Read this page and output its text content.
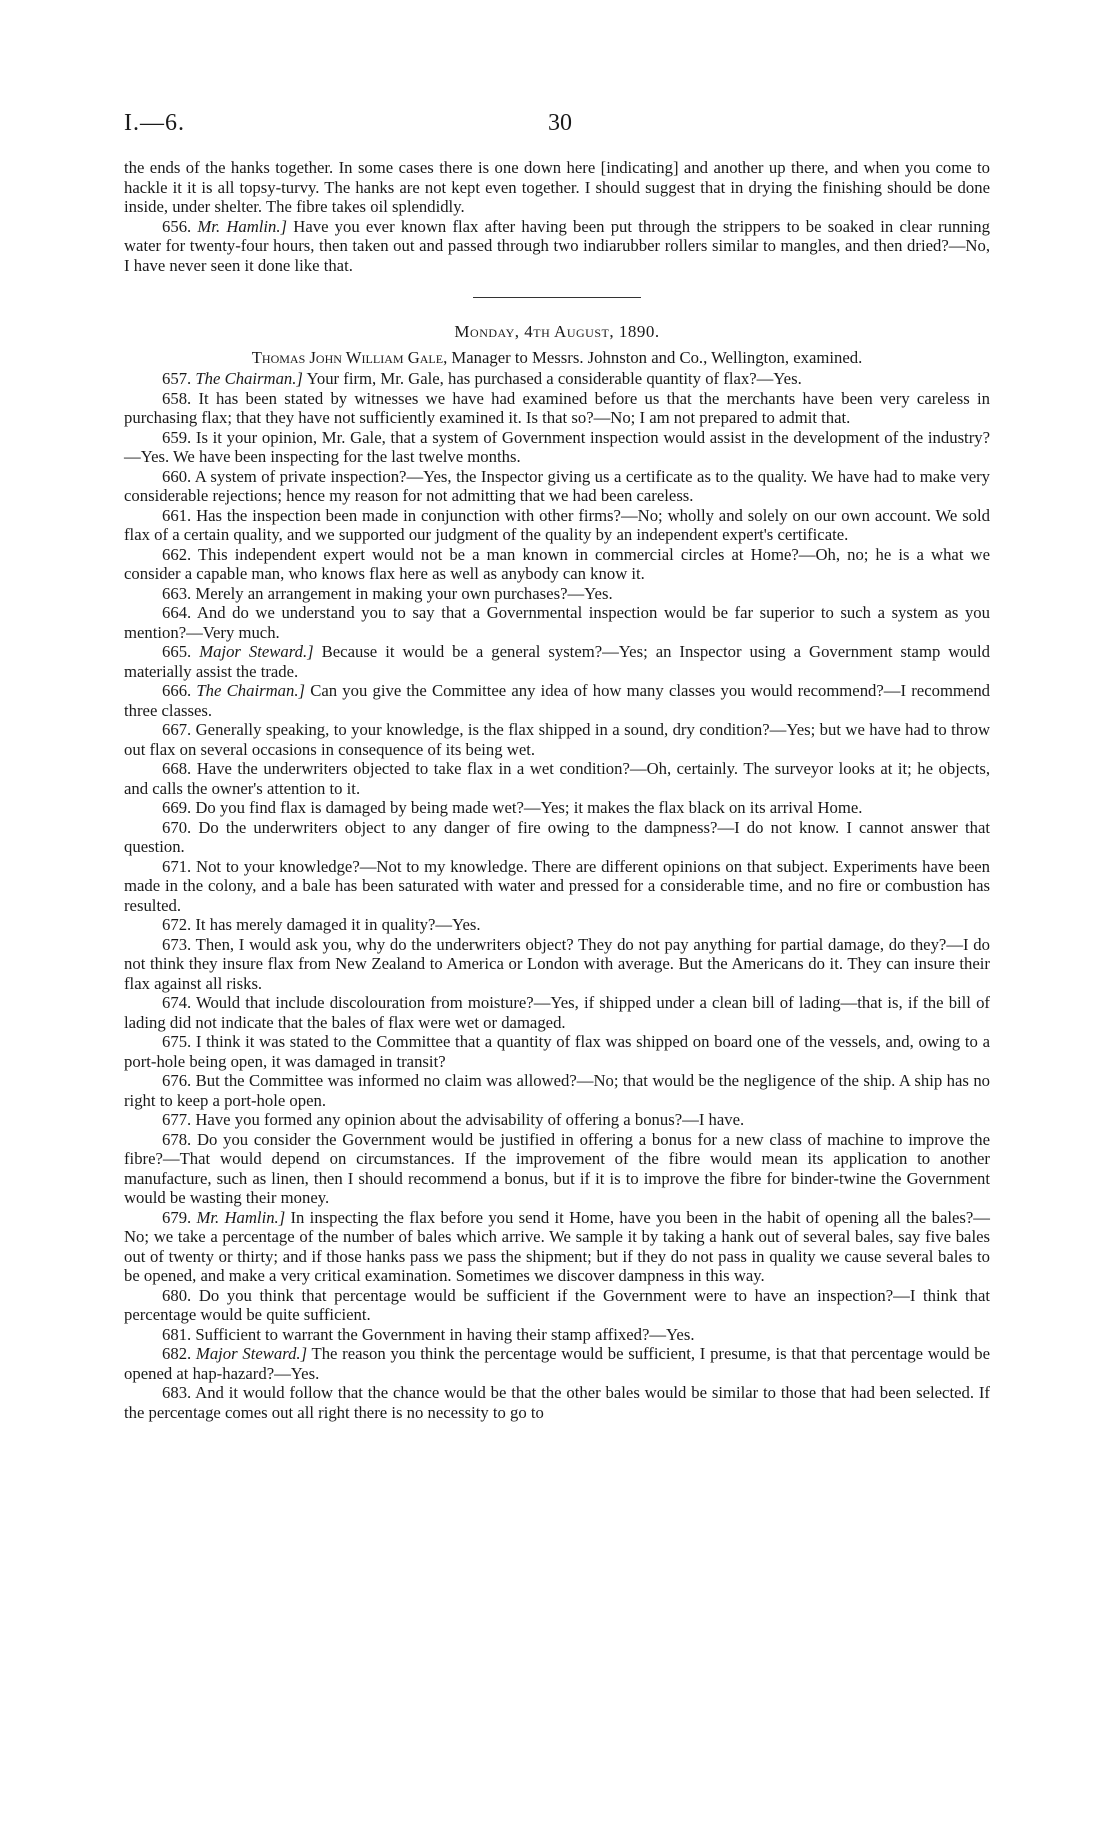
I.—6.	30

the ends of the hanks together. In some cases there is one down here [indicating] and another up there, and when you come to hackle it it is all topsy-turvy. The hanks are not kept even together. I should suggest that in drying the finishing should be done inside, under shelter. The fibre takes oil splendidly.

656. Mr. Hamlin.] Have you ever known flax after having been put through the strippers to be soaked in clear running water for twenty-four hours, then taken out and passed through two indiarubber rollers similar to mangles, and then dried?—No, I have never seen it done like that.

Monday, 4th August, 1890.

Thomas John William Gale, Manager to Messrs. Johnston and Co., Wellington, examined.

657. The Chairman.] Your firm, Mr. Gale, has purchased a considerable quantity of flax?—Yes.

658. It has been stated by witnesses we have had examined before us that the merchants have been very careless in purchasing flax; that they have not sufficiently examined it. Is that so?—No; I am not prepared to admit that.

659. Is it your opinion, Mr. Gale, that a system of Government inspection would assist in the development of the industry?—Yes. We have been inspecting for the last twelve months.

660. A system of private inspection?—Yes, the Inspector giving us a certificate as to the quality. We have had to make very considerable rejections; hence my reason for not admitting that we had been careless.

661. Has the inspection been made in conjunction with other firms?—No; wholly and solely on our own account. We sold flax of a certain quality, and we supported our judgment of the quality by an independent expert's certificate.

662. This independent expert would not be a man known in commercial circles at Home?—Oh, no; he is a what we consider a capable man, who knows flax here as well as anybody can know it.

663. Merely an arrangement in making your own purchases?—Yes.

664. And do we understand you to say that a Governmental inspection would be far superior to such a system as you mention?—Very much.

665. Major Steward.] Because it would be a general system?—Yes; an Inspector using a Government stamp would materially assist the trade.

666. The Chairman.] Can you give the Committee any idea of how many classes you would recommend?—I recommend three classes.

667. Generally speaking, to your knowledge, is the flax shipped in a sound, dry condition?—Yes; but we have had to throw out flax on several occasions in consequence of its being wet.

668. Have the underwriters objected to take flax in a wet condition?—Oh, certainly. The surveyor looks at it; he objects, and calls the owner's attention to it.

669. Do you find flax is damaged by being made wet?—Yes; it makes the flax black on its arrival Home.

670. Do the underwriters object to any danger of fire owing to the dampness?—I do not know. I cannot answer that question.

671. Not to your knowledge?—Not to my knowledge. There are different opinions on that subject. Experiments have been made in the colony, and a bale has been saturated with water and pressed for a considerable time, and no fire or combustion has resulted.

672. It has merely damaged it in quality?—Yes.

673. Then, I would ask you, why do the underwriters object? They do not pay anything for partial damage, do they?—I do not think they insure flax from New Zealand to America or London with average. But the Americans do it. They can insure their flax against all risks.

674. Would that include discolouration from moisture?—Yes, if shipped under a clean bill of lading—that is, if the bill of lading did not indicate that the bales of flax were wet or damaged.

675. I think it was stated to the Committee that a quantity of flax was shipped on board one of the vessels, and, owing to a port-hole being open, it was damaged in transit?

676. But the Committee was informed no claim was allowed?—No; that would be the negligence of the ship. A ship has no right to keep a port-hole open.

677. Have you formed any opinion about the advisability of offering a bonus?—I have.

678. Do you consider the Government would be justified in offering a bonus for a new class of machine to improve the fibre?—That would depend on circumstances. If the improvement of the fibre would mean its application to another manufacture, such as linen, then I should recommend a bonus, but if it is to improve the fibre for binder-twine the Government would be wasting their money.

679. Mr. Hamlin.] In inspecting the flax before you send it Home, have you been in the habit of opening all the bales?—No; we take a percentage of the number of bales which arrive. We sample it by taking a hank out of several bales, say five bales out of twenty or thirty; and if those hanks pass we pass the shipment; but if they do not pass in quality we cause several bales to be opened, and make a very critical examination. Sometimes we discover dampness in this way.

680. Do you think that percentage would be sufficient if the Government were to have an inspection?—I think that percentage would be quite sufficient.

681. Sufficient to warrant the Government in having their stamp affixed?—Yes.

682. Major Steward.] The reason you think the percentage would be sufficient, I presume, is that that percentage would be opened at hap-hazard?—Yes.

683. And it would follow that the chance would be that the other bales would be similar to those that had been selected. If the percentage comes out all right there is no necessity to go to
